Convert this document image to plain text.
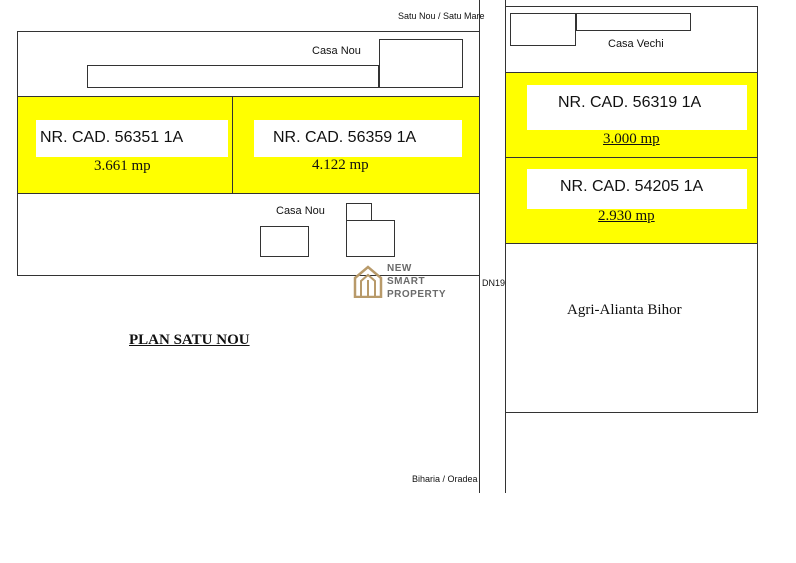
Satu Nou / Satu Mare
Biharia / Oradea
DN19
Casa Nou
NR. CAD. 56351 1A
3.661 mp
NR. CAD. 56359 1A
4.122 mp
Casa Nou
PLAN SATU NOU
NEW
SMART
PROPERTY
Casa Vechi
NR. CAD. 56319 1A
3.000 mp
NR. CAD. 54205 1A
2.930 mp
Agri-Alianta Bihor
